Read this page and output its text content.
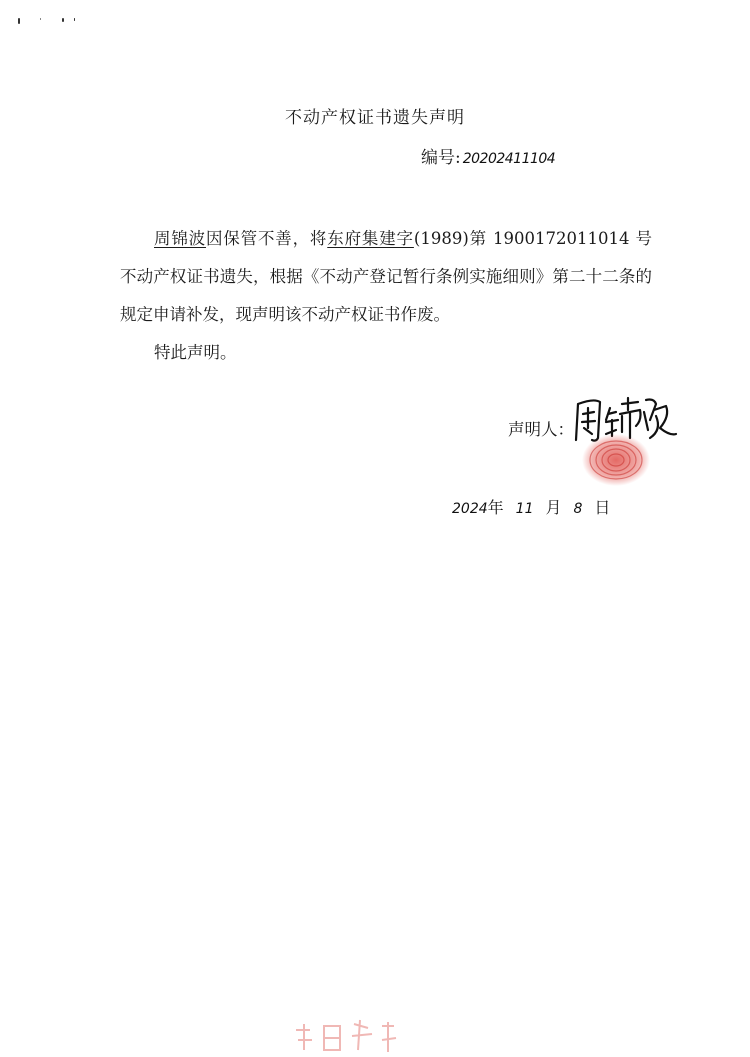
不动产权证书遗失声明
编号: 20202411104

周锦波因保管不善，将东府集建字(1989)第 1900172011014 号不动产权证书遗失，根据《不动产登记暂行条例实施细则》第二十二条的规定申请补发，现声明该不动产权证书作废。

特此声明。

声明人：
2024年 11 月 8 日
